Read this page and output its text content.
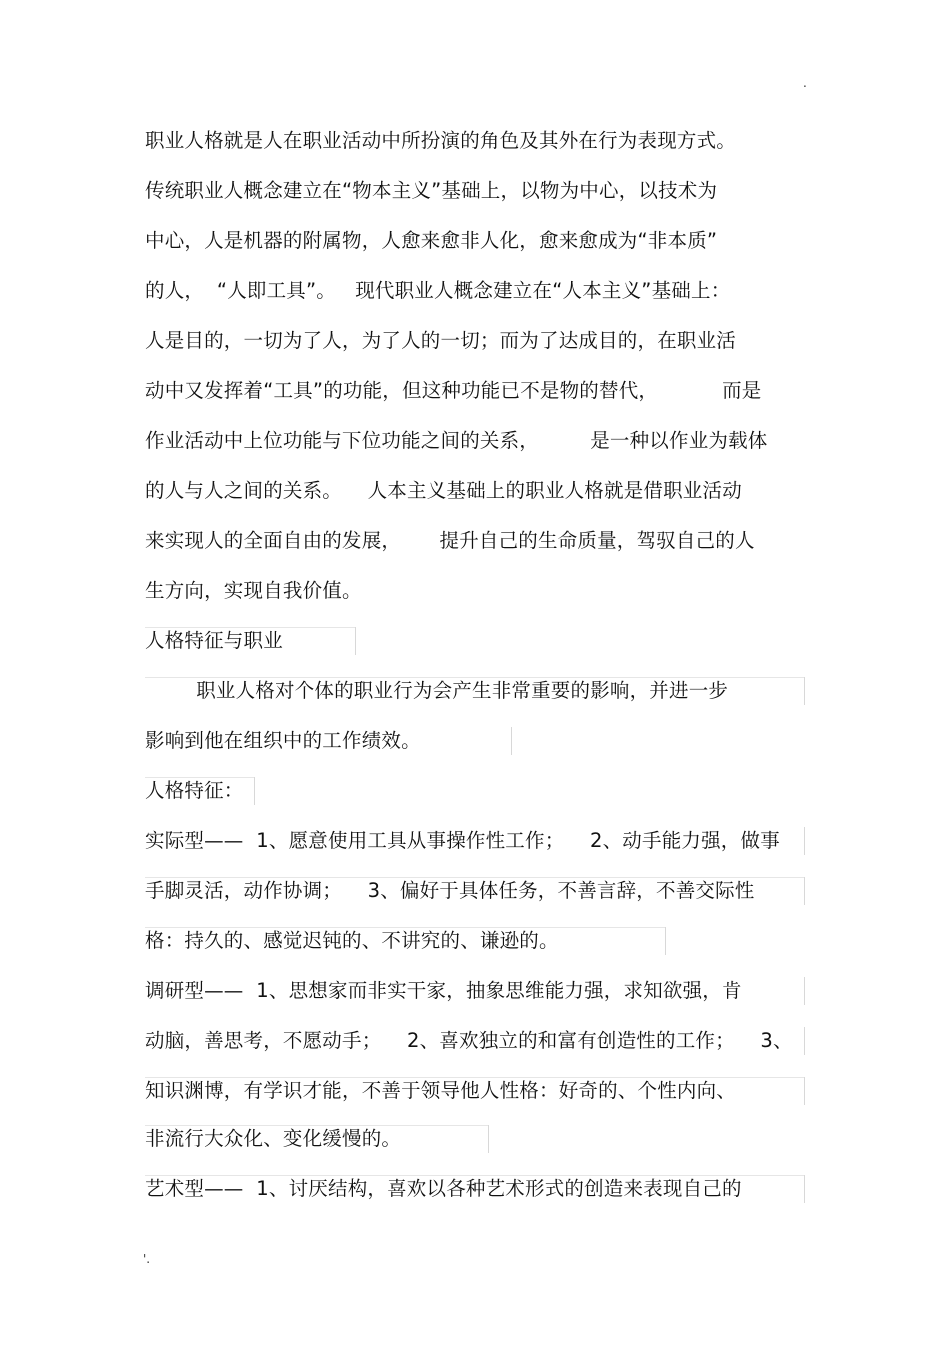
.
职业人格就是人在职业活动中所扮演的角色及其外在行为表现方式。
传统职业人概念建立在“物本主义”基础上，以物为中心，以技术为
中心，人是机器的附属物，人愈来愈非人化，愈来愈成为“非本质”
的人，  “人即工具”。   现代职业人概念建立在“人本主义”基础上：
人是目的，一切为了人，为了人的一切；而为了达成目的，在职业活
动中又发挥着“工具”的功能，但这种功能已不是物的替代，          而是
作业活动中上位功能与下位功能之间的关系，        是一种以作业为载体
的人与人之间的关系。    人本主义基础上的职业人格就是借职业活动
来实现人的全面自由的发展，      提升自己的生命质量，驾驭自己的人
生方向，实现自我价值。
人格特征与职业
职业人格对个体的职业行为会产生非常重要的影响，并进一步
影响到他在组织中的工作绩效。
人格特征：
实际型——  1、愿意使用工具从事操作性工作；    2、动手能力强，做事
手脚灵活，动作协调；    3、偏好于具体任务，不善言辞，不善交际性
格：持久的、感觉迟钝的、不讲究的、谦逊的。
调研型——  1、思想家而非实干家，抽象思维能力强，求知欲强，肯
动脑，善思考，不愿动手；    2、喜欢独立的和富有创造性的工作；    3、
知识渊博，有学识才能，不善于领导他人性格：好奇的、个性内向、
非流行大众化、变化缓慢的。
艺术型——  1、讨厌结构，喜欢以各种艺术形式的创造来表现自己的
'.
